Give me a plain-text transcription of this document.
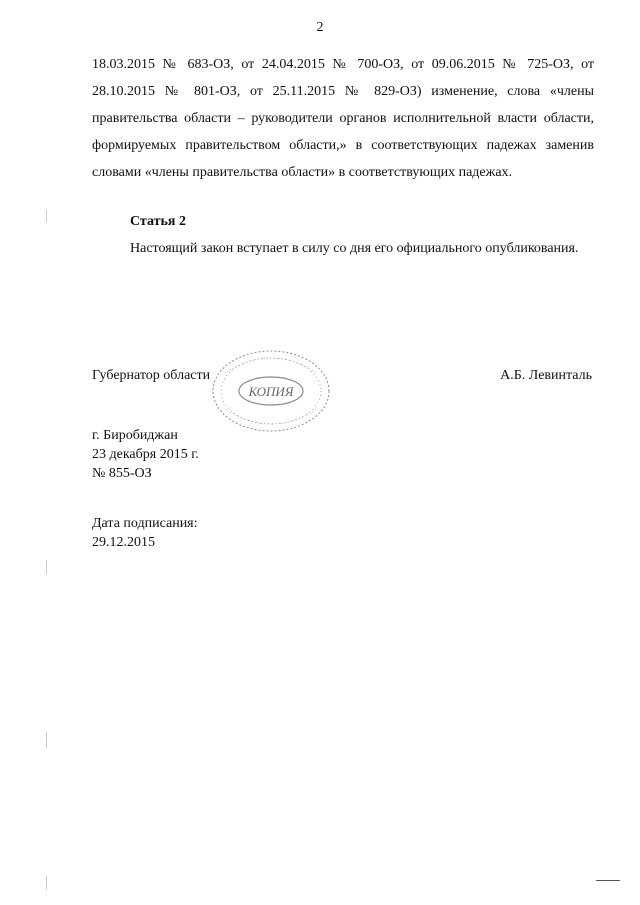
2

18.03.2015 № 683-ОЗ, от 24.04.2015 № 700-ОЗ, от 09.06.2015 № 725-ОЗ, от 28.10.2015 № 801-ОЗ, от 25.11.2015 № 829-ОЗ) изменение, слова «члены правительства области – руководители органов исполнительной власти области, формируемых правительством области,» в соответствующих падежах заменив словами «члены правительства области» в соответствующих падежах.

Статья 2

Настоящий закон вступает в силу со дня его официального опубликования.

КОПИЯ
Губернатор области	А.Б. Левинталь
г. Биробиджан
23 декабря 2015 г.
№ 855-ОЗ
Дата подписания:
29.12.2015
